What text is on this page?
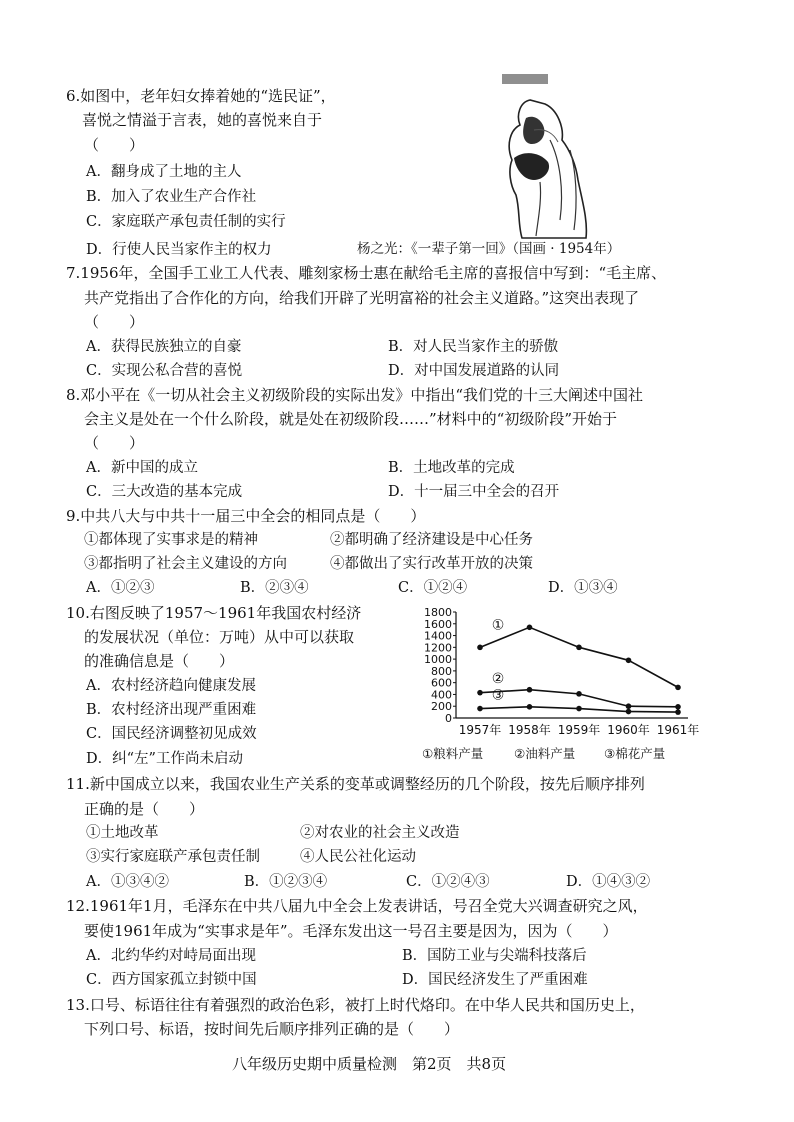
6.如图中，老年妇女捧着她的“选民证”，
喜悦之情溢于言表，她的喜悦来自于
（　　）
A．翻身成了土地的主人
B．加入了农业生产合作社
C．家庭联产承包责任制的实行
D．行使人民当家作主的权力	杨之光：《一辈子第一回》（国画 · 1954年）
7.1956年，全国手工业工人代表、雕刻家杨士惠在献给毛主席的喜报信中写到：“毛主席、
共产党指出了合作化的方向，给我们开辟了光明富裕的社会主义道路。”这突出表现了
（　　）
A．获得民族独立的自豪	B．对人民当家作主的骄傲
C．实现公私合营的喜悦	D．对中国发展道路的认同
8.邓小平在《一切从社会主义初级阶段的实际出发》中指出“我们党的十三大阐述中国社
会主义是处在一个什么阶段，就是处在初级阶段……”材料中的“初级阶段”开始于
（　　）
A．新中国的成立	B．土地改革的完成
C．三大改造的基本完成	D．十一届三中全会的召开
9.中共八大与中共十一届三中全会的相同点是（　　）
①都体现了实事求是的精神	②都明确了经济建设是中心任务
③都指明了社会主义建设的方向	④都做出了实行改革开放的决策
A．①②③	B．②③④	C．①②④	D．①③④
10.右图反映了1957～1961年我国农村经济
的发展状况（单位：万吨）从中可以获取
的准确信息是（　　）
A．农村经济趋向健康发展
B．农村经济出现严重困难
C．国民经济调整初见成效
D．纠“左”工作尚未启动
1800
1600
1400
1200
1000
800
600
400
200
0
1957年 1958年 1959年 1960年 1961年
①
②
③
①粮料产量 ②油料产量 ③棉花产量
11.新中国成立以来，我国农业生产关系的变革或调整经历的几个阶段，按先后顺序排列
正确的是（　　）
①土地改革	②对农业的社会主义改造
③实行家庭联产承包责任制	④人民公社化运动
A．①③④②	B．①②③④	C．①②④③	D．①④③②
12.1961年1月，毛泽东在中共八届九中全会上发表讲话，号召全党大兴调查研究之风，
要使1961年成为“实事求是年”。毛泽东发出这一号召主要是因为，因为（　　）
A．北约华约对峙局面出现	B．国防工业与尖端科技落后
C．西方国家孤立封锁中国	D．国民经济发生了严重困难
13.口号、标语往往有着强烈的政治色彩，被打上时代烙印。在中华人民共和国历史上，
下列口号、标语，按时间先后顺序排列正确的是（　　）
八年级历史期中质量检测　第2页　共8页
